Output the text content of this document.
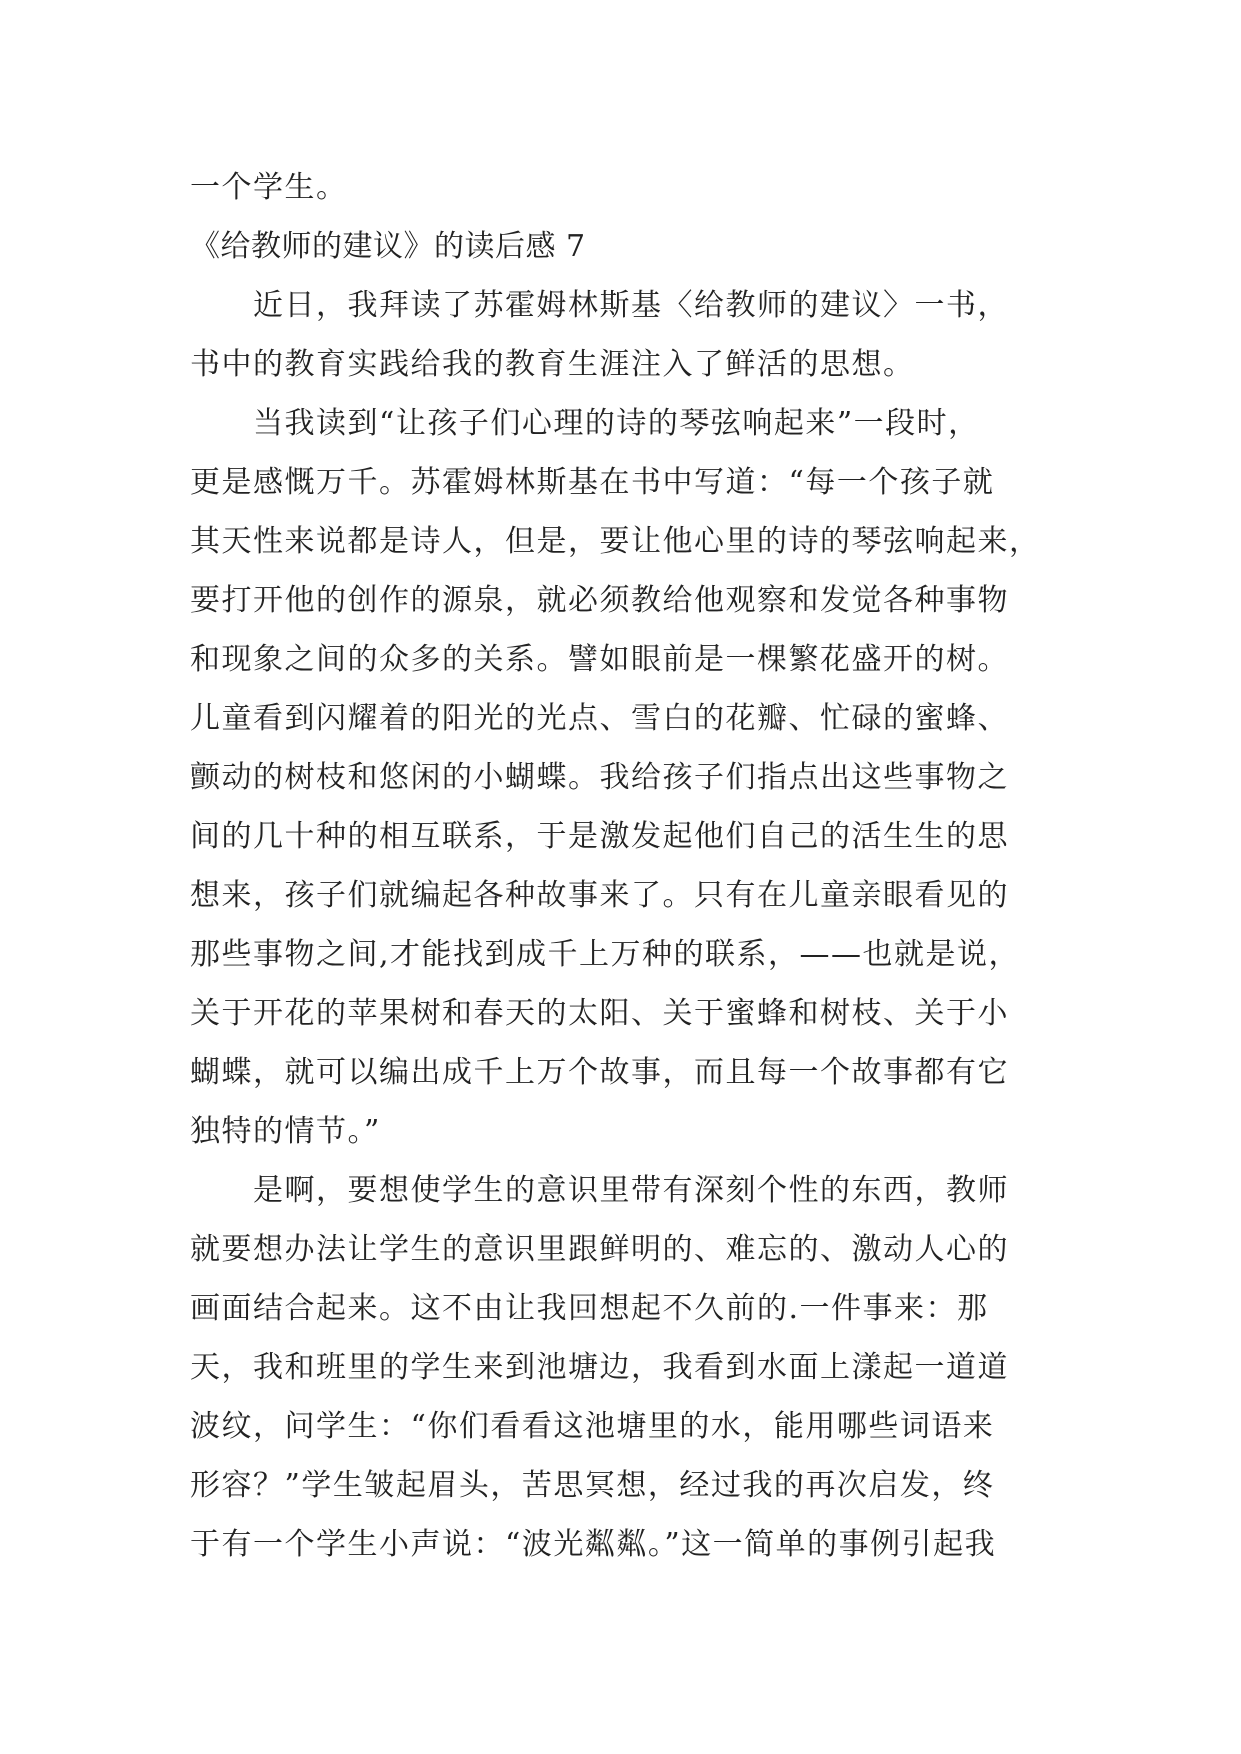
一个学生。
《给教师的建议》的读后感 7
　　近日，我拜读了苏霍姆林斯基〈给教师的建议〉一书，
书中的教育实践给我的教育生涯注入了鲜活的思想。
　　当我读到“让孩子们心理的诗的琴弦响起来”一段时，
更是感慨万千。苏霍姆林斯基在书中写道：“每一个孩子就
其天性来说都是诗人，但是，要让他心里的诗的琴弦响起来，
要打开他的创作的源泉，就必须教给他观察和发觉各种事物
和现象之间的众多的关系。譬如眼前是一棵繁花盛开的树。
儿童看到闪耀着的阳光的光点、雪白的花瓣、忙碌的蜜蜂、
颤动的树枝和悠闲的小蝴蝶。我给孩子们指点出这些事物之
间的几十种的相互联系，于是激发起他们自己的活生生的思
想来，孩子们就编起各种故事来了。只有在儿童亲眼看见的
那些事物之间,才能找到成千上万种的联系，——也就是说，
关于开花的苹果树和春天的太阳、关于蜜蜂和树枝、关于小
蝴蝶，就可以编出成千上万个故事，而且每一个故事都有它
独特的情节。”
　　是啊，要想使学生的意识里带有深刻个性的东西，教师
就要想办法让学生的意识里跟鲜明的、难忘的、激动人心的
画面结合起来。这不由让我回想起不久前的.一件事来：那
天，我和班里的学生来到池塘边，我看到水面上漾起一道道
波纹，问学生：“你们看看这池塘里的水，能用哪些词语来
形容？”学生皱起眉头，苦思冥想，经过我的再次启发，终
于有一个学生小声说：“波光粼粼。”这一简单的事例引起我
